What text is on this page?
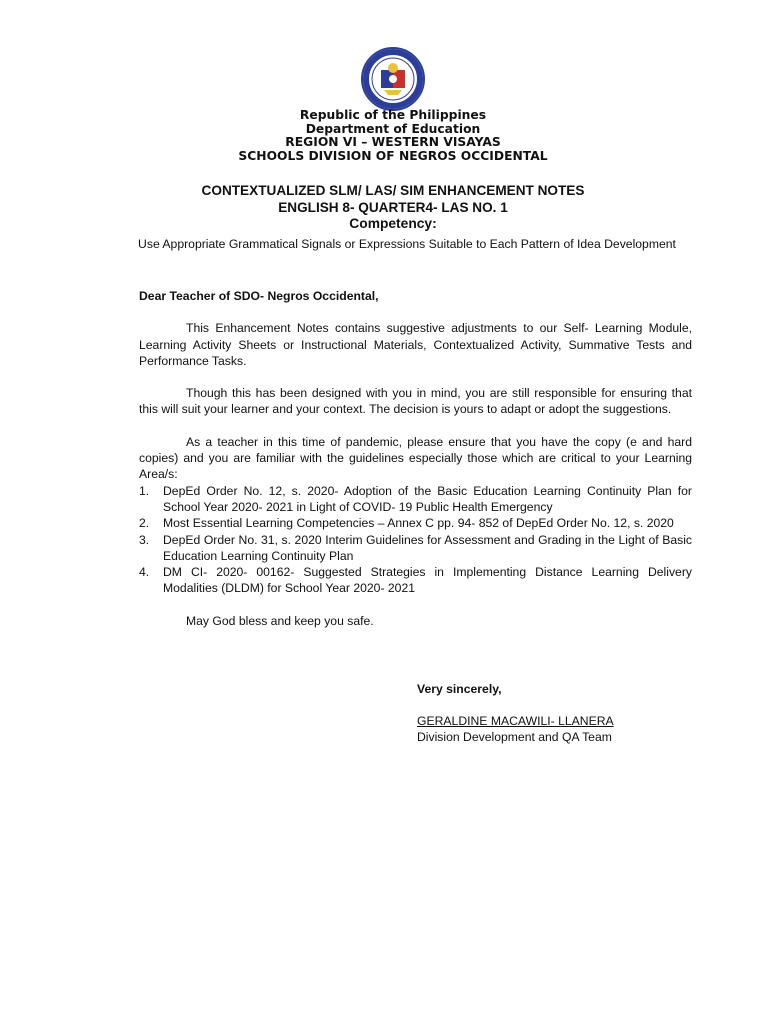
Republic of the Philippines
Department of Education
REGION VI – WESTERN VISAYAS
SCHOOLS DIVISION OF NEGROS OCCIDENTAL
CONTEXTUALIZED SLM/ LAS/ SIM ENHANCEMENT NOTES
ENGLISH 8- QUARTER4- LAS NO. 1
Competency:
Use Appropriate Grammatical Signals or Expressions Suitable to Each Pattern of Idea Development

Dear Teacher of SDO- Negros Occidental,

This Enhancement Notes contains suggestive adjustments to our Self- Learning Module, Learning Activity Sheets or Instructional Materials, Contextualized Activity, Summative Tests and Performance Tasks.

Though this has been designed with you in mind, you are still responsible for ensuring that this will suit your learner and your context. The decision is yours to adapt or adopt the suggestions.

As a teacher in this time of pandemic, please ensure that you have the copy (e and hard copies) and you are familiar with the guidelines especially those which are critical to your Learning Area/s:

1. DepEd Order No. 12, s. 2020- Adoption of the Basic Education Learning Continuity Plan for School Year 2020- 2021 in Light of COVID- 19 Public Health Emergency
2. Most Essential Learning Competencies – Annex C pp. 94- 852 of DepEd Order No. 12, s. 2020
3. DepEd Order No. 31, s. 2020 Interim Guidelines for Assessment and Grading in the Light of Basic Education Learning Continuity Plan
4. DM CI- 2020- 00162- Suggested Strategies in Implementing Distance Learning Delivery Modalities (DLDM) for School Year 2020- 2021

May God bless and keep you safe.

Very sincerely,
GERALDINE MACAWILI- LLANERA
Division Development and QA Team
